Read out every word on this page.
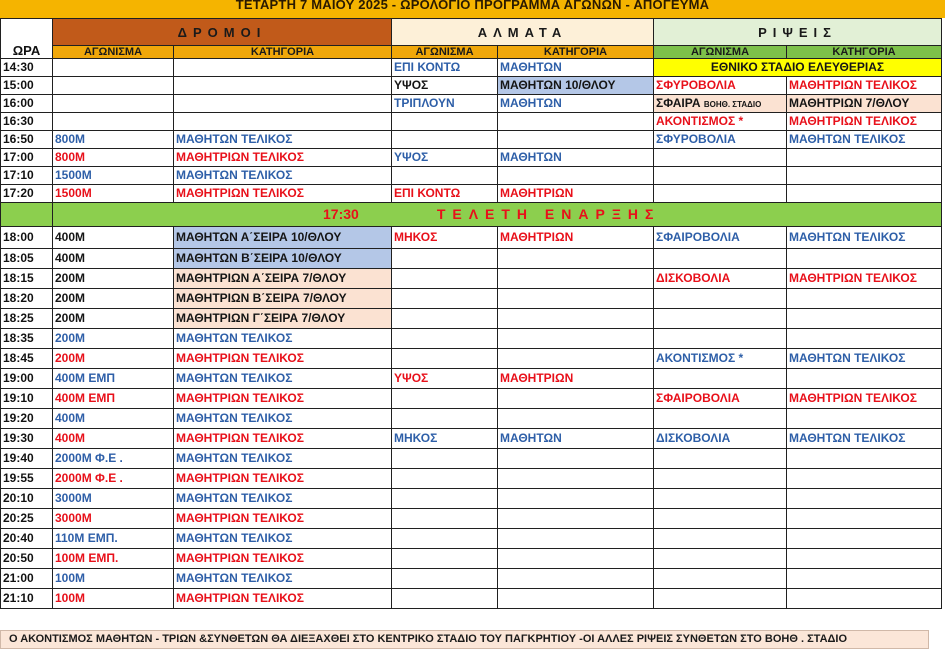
ΤΕΤΑΡΤΗ 7 ΜΑΙΟΥ 2025 - ΩΡΟΛΟΓΙΟ ΠΡΟΓΡΑΜΜΑ ΑΓΩΝΩΝ - ΑΠΟΓΕΥΜΑ
ΩΡΑ	ΔΡΟΜΟΙ		ΑΛΜΑΤΑ		ΡΙΨΕΙΣ	
	ΑΓΩΝΙΣΜΑ	ΚΑΤΗΓΟΡΙΑ	ΑΓΩΝΙΣΜΑ	ΚΑΤΗΓΟΡΙΑ	ΑΓΩΝΙΣΜΑ	ΚΑΤΗΓΟΡΙΑ
14:30			ΕΠΙ ΚΟΝΤΩ	ΜΑΘΗΤΩΝ	ΕΘΝΙΚΟ ΣΤΑΔΙΟ ΕΛΕΥΘΕΡΙΑΣ	
15:00			ΥΨΟΣ	ΜΑΘΗΤΩΝ 10/ΘΛΟΥ	ΣΦΥΡΟΒΟΛΙΑ	ΜΑΘΗΤΡΙΩΝ ΤΕΛΙΚΟΣ
16:00			ΤΡΙΠΛΟΥΝ	ΜΑΘΗΤΩΝ	ΣΦΑΙΡΑ ΒΟΗΘ. ΣΤΑΔΙΟ	ΜΑΘΗΤΡΙΩΝ 7/ΘΛΟΥ
16:30					ΑΚΟΝΤΙΣΜΟΣ *	ΜΑΘΗΤΡΙΩΝ ΤΕΛΙΚΟΣ
16:50	800Μ	ΜΑΘΗΤΩΝ ΤΕΛΙΚΟΣ			ΣΦΥΡΟΒΟΛΙΑ	ΜΑΘΗΤΩΝ ΤΕΛΙΚΟΣ
17:00	800Μ	ΜΑΘΗΤΡΙΩΝ ΤΕΛΙΚΟΣ	ΥΨΟΣ	ΜΑΘΗΤΩΝ		
17:10	1500Μ	ΜΑΘΗΤΩΝ ΤΕΛΙΚΟΣ				
17:20	1500Μ	ΜΑΘΗΤΡΙΩΝ ΤΕΛΙΚΟΣ	ΕΠΙ ΚΟΝΤΩ	ΜΑΘΗΤΡΙΩΝ		
	17:30 ΤΕΛΕΤΗ ΕΝΑΡΞΗΣ					
18:00	400Μ	ΜΑΘΗΤΩΝ Α΄ΣΕΙΡΑ 10/ΘΛΟΥ	ΜΗΚΟΣ	ΜΑΘΗΤΡΙΩΝ	ΣΦΑΙΡΟΒΟΛΙΑ	ΜΑΘΗΤΩΝ ΤΕΛΙΚΟΣ
18:05	400Μ	ΜΑΘΗΤΩΝ Β΄ΣΕΙΡΑ 10/ΘΛΟΥ				
18:15	200Μ	ΜΑΘΗΤΡΙΩΝ Α΄ΣΕΙΡΑ 7/ΘΛΟΥ			ΔΙΣΚΟΒΟΛΙΑ	ΜΑΘΗΤΡΙΩΝ ΤΕΛΙΚΟΣ
18:20	200Μ	ΜΑΘΗΤΡΙΩΝ Β΄ΣΕΙΡΑ 7/ΘΛΟΥ				
18:25	200Μ	ΜΑΘΗΤΡΙΩΝ Γ΄ΣΕΙΡΑ 7/ΘΛΟΥ				
18:35	200Μ	ΜΑΘΗΤΩΝ ΤΕΛΙΚΟΣ				
18:45	200Μ	ΜΑΘΗΤΡΙΩΝ ΤΕΛΙΚΟΣ			ΑΚΟΝΤΙΣΜΟΣ *	ΜΑΘΗΤΩΝ ΤΕΛΙΚΟΣ
19:00	400Μ ΕΜΠ	ΜΑΘΗΤΩΝ ΤΕΛΙΚΟΣ	ΥΨΟΣ	ΜΑΘΗΤΡΙΩΝ		
19:10	400Μ ΕΜΠ	ΜΑΘΗΤΡΙΩΝ ΤΕΛΙΚΟΣ			ΣΦΑΙΡΟΒΟΛΙΑ	ΜΑΘΗΤΡΙΩΝ ΤΕΛΙΚΟΣ
19:20	400Μ	ΜΑΘΗΤΩΝ ΤΕΛΙΚΟΣ				
19:30	400Μ	ΜΑΘΗΤΡΙΩΝ ΤΕΛΙΚΟΣ	ΜΗΚΟΣ	ΜΑΘΗΤΩΝ	ΔΙΣΚΟΒΟΛΙΑ	ΜΑΘΗΤΩΝ ΤΕΛΙΚΟΣ
19:40	2000Μ Φ.Ε .	ΜΑΘΗΤΩΝ ΤΕΛΙΚΟΣ				
19:55	2000Μ Φ.Ε .	ΜΑΘΗΤΡΙΩΝ ΤΕΛΙΚΟΣ				
20:10	3000Μ	ΜΑΘΗΤΩΝ ΤΕΛΙΚΟΣ				
20:25	3000Μ	ΜΑΘΗΤΡΙΩΝ ΤΕΛΙΚΟΣ				
20:40	110Μ ΕΜΠ.	ΜΑΘΗΤΩΝ ΤΕΛΙΚΟΣ				
20:50	100Μ ΕΜΠ.	ΜΑΘΗΤΡΙΩΝ ΤΕΛΙΚΟΣ				
21:00	100Μ	ΜΑΘΗΤΩΝ ΤΕΛΙΚΟΣ				
21:10	100Μ	ΜΑΘΗΤΡΙΩΝ ΤΕΛΙΚΟΣ				
Ο ΑΚΟΝΤΙΣΜΟΣ ΜΑΘΗΤΩΝ - ΤΡΙΩΝ &ΣΥΝΘΕΤΩΝ ΘΑ ΔΙΕΞΑΧΘΕΙ ΣΤΟ ΚΕΝΤΡΙΚΟ ΣΤΑΔΙΟ ΤΟΥ ΠΑΓΚΡΗΤΙΟΥ -ΟΙ ΑΛΛΕΣ ΡΙΨΕΙΣ ΣΥΝΘΕΤΩΝ ΣΤΟ ΒΟΗΘ . ΣΤΑΔΙΟ
